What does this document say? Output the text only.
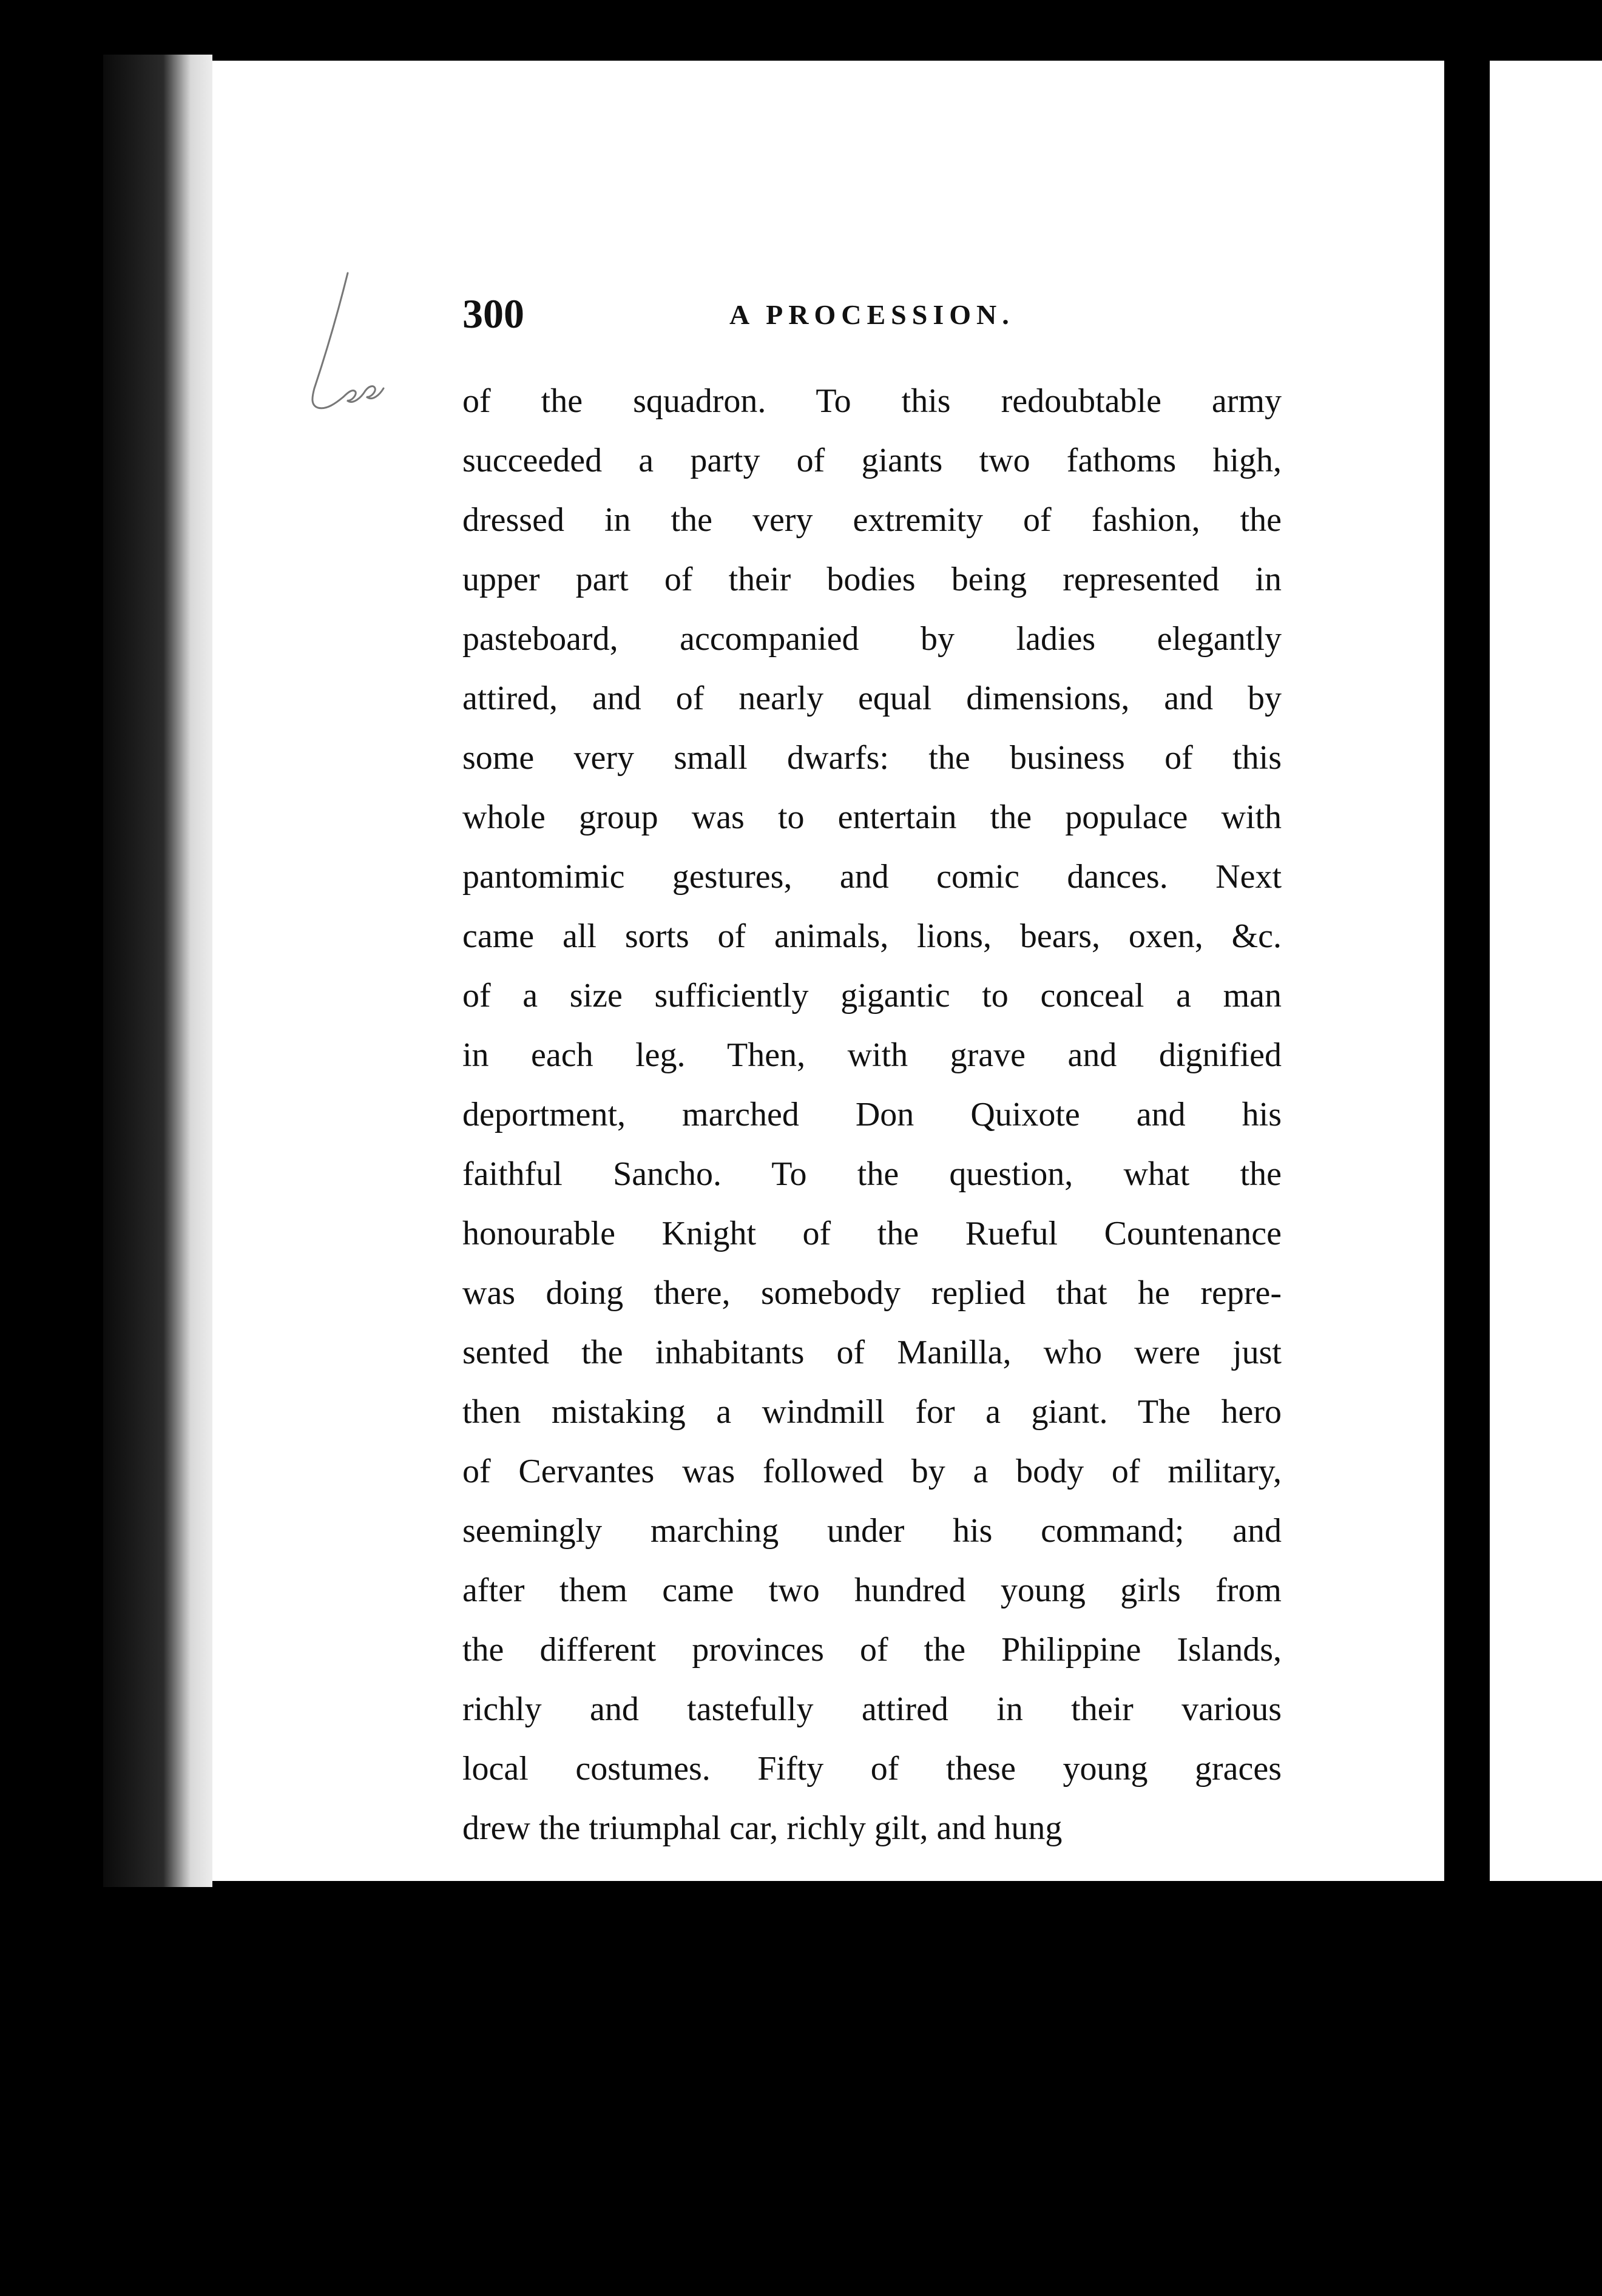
300	A PROCESSION.
of the squadron. To this redoubtable army
succeeded a party of giants two fathoms high,
dressed in the very extremity of fashion, the
upper part of their bodies being represented in
pasteboard, accompanied by ladies elegantly
attired, and of nearly equal dimensions, and by
some very small dwarfs: the business of this
whole group was to entertain the populace with
pantomimic gestures, and comic dances. Next
came all sorts of animals, lions, bears, oxen, &c.
of a size sufficiently gigantic to conceal a man
in each leg. Then, with grave and dignified
deportment, marched Don Quixote and his
faithful Sancho. To the question, what the
honourable Knight of the Rueful Countenance
was doing there, somebody replied that he repre-
sented the inhabitants of Manilla, who were just
then mistaking a windmill for a giant. The hero
of Cervantes was followed by a body of military,
seemingly marching under his command; and
after them came two hundred young girls from
the different provinces of the Philippine Islands,
richly and tastefully attired in their various
local costumes. Fifty of these young graces
drew the triumphal car, richly gilt, and hung
